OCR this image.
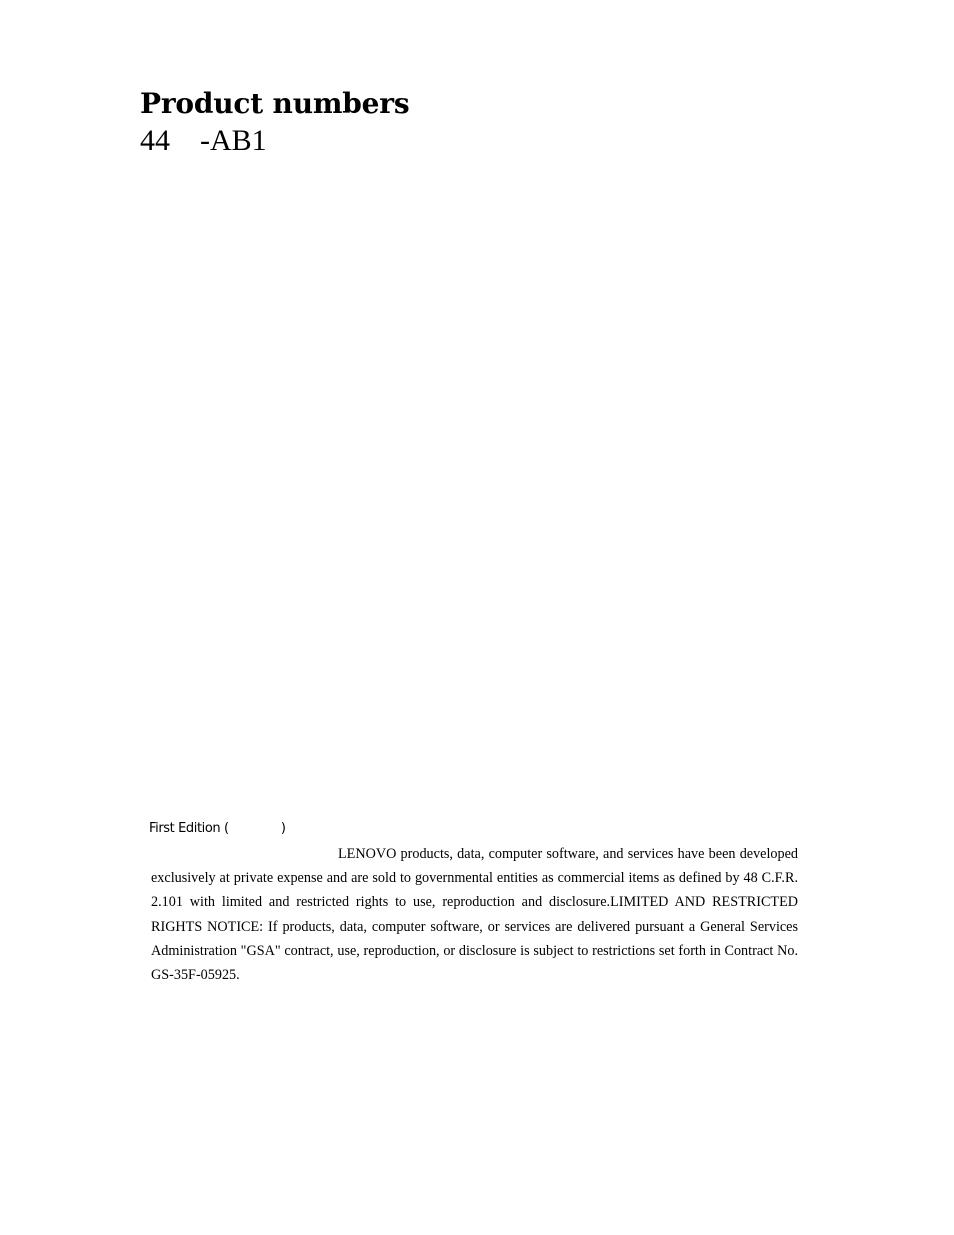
Product numbers
44    -AB1
First Edition (              )

LENOVO products, data, computer software, and services have been developed exclusively at private expense and are sold to governmental entities as commercial items as defined by 48 C.F.R. 2.101 with limited and restricted rights to use, reproduction and disclosure.LIMITED AND RESTRICTED RIGHTS NOTICE: If products, data, computer software, or services are delivered pursuant a General Services Administration "GSA" contract, use, reproduction, or disclosure is subject to restrictions set forth in Contract No. GS-35F-05925.
